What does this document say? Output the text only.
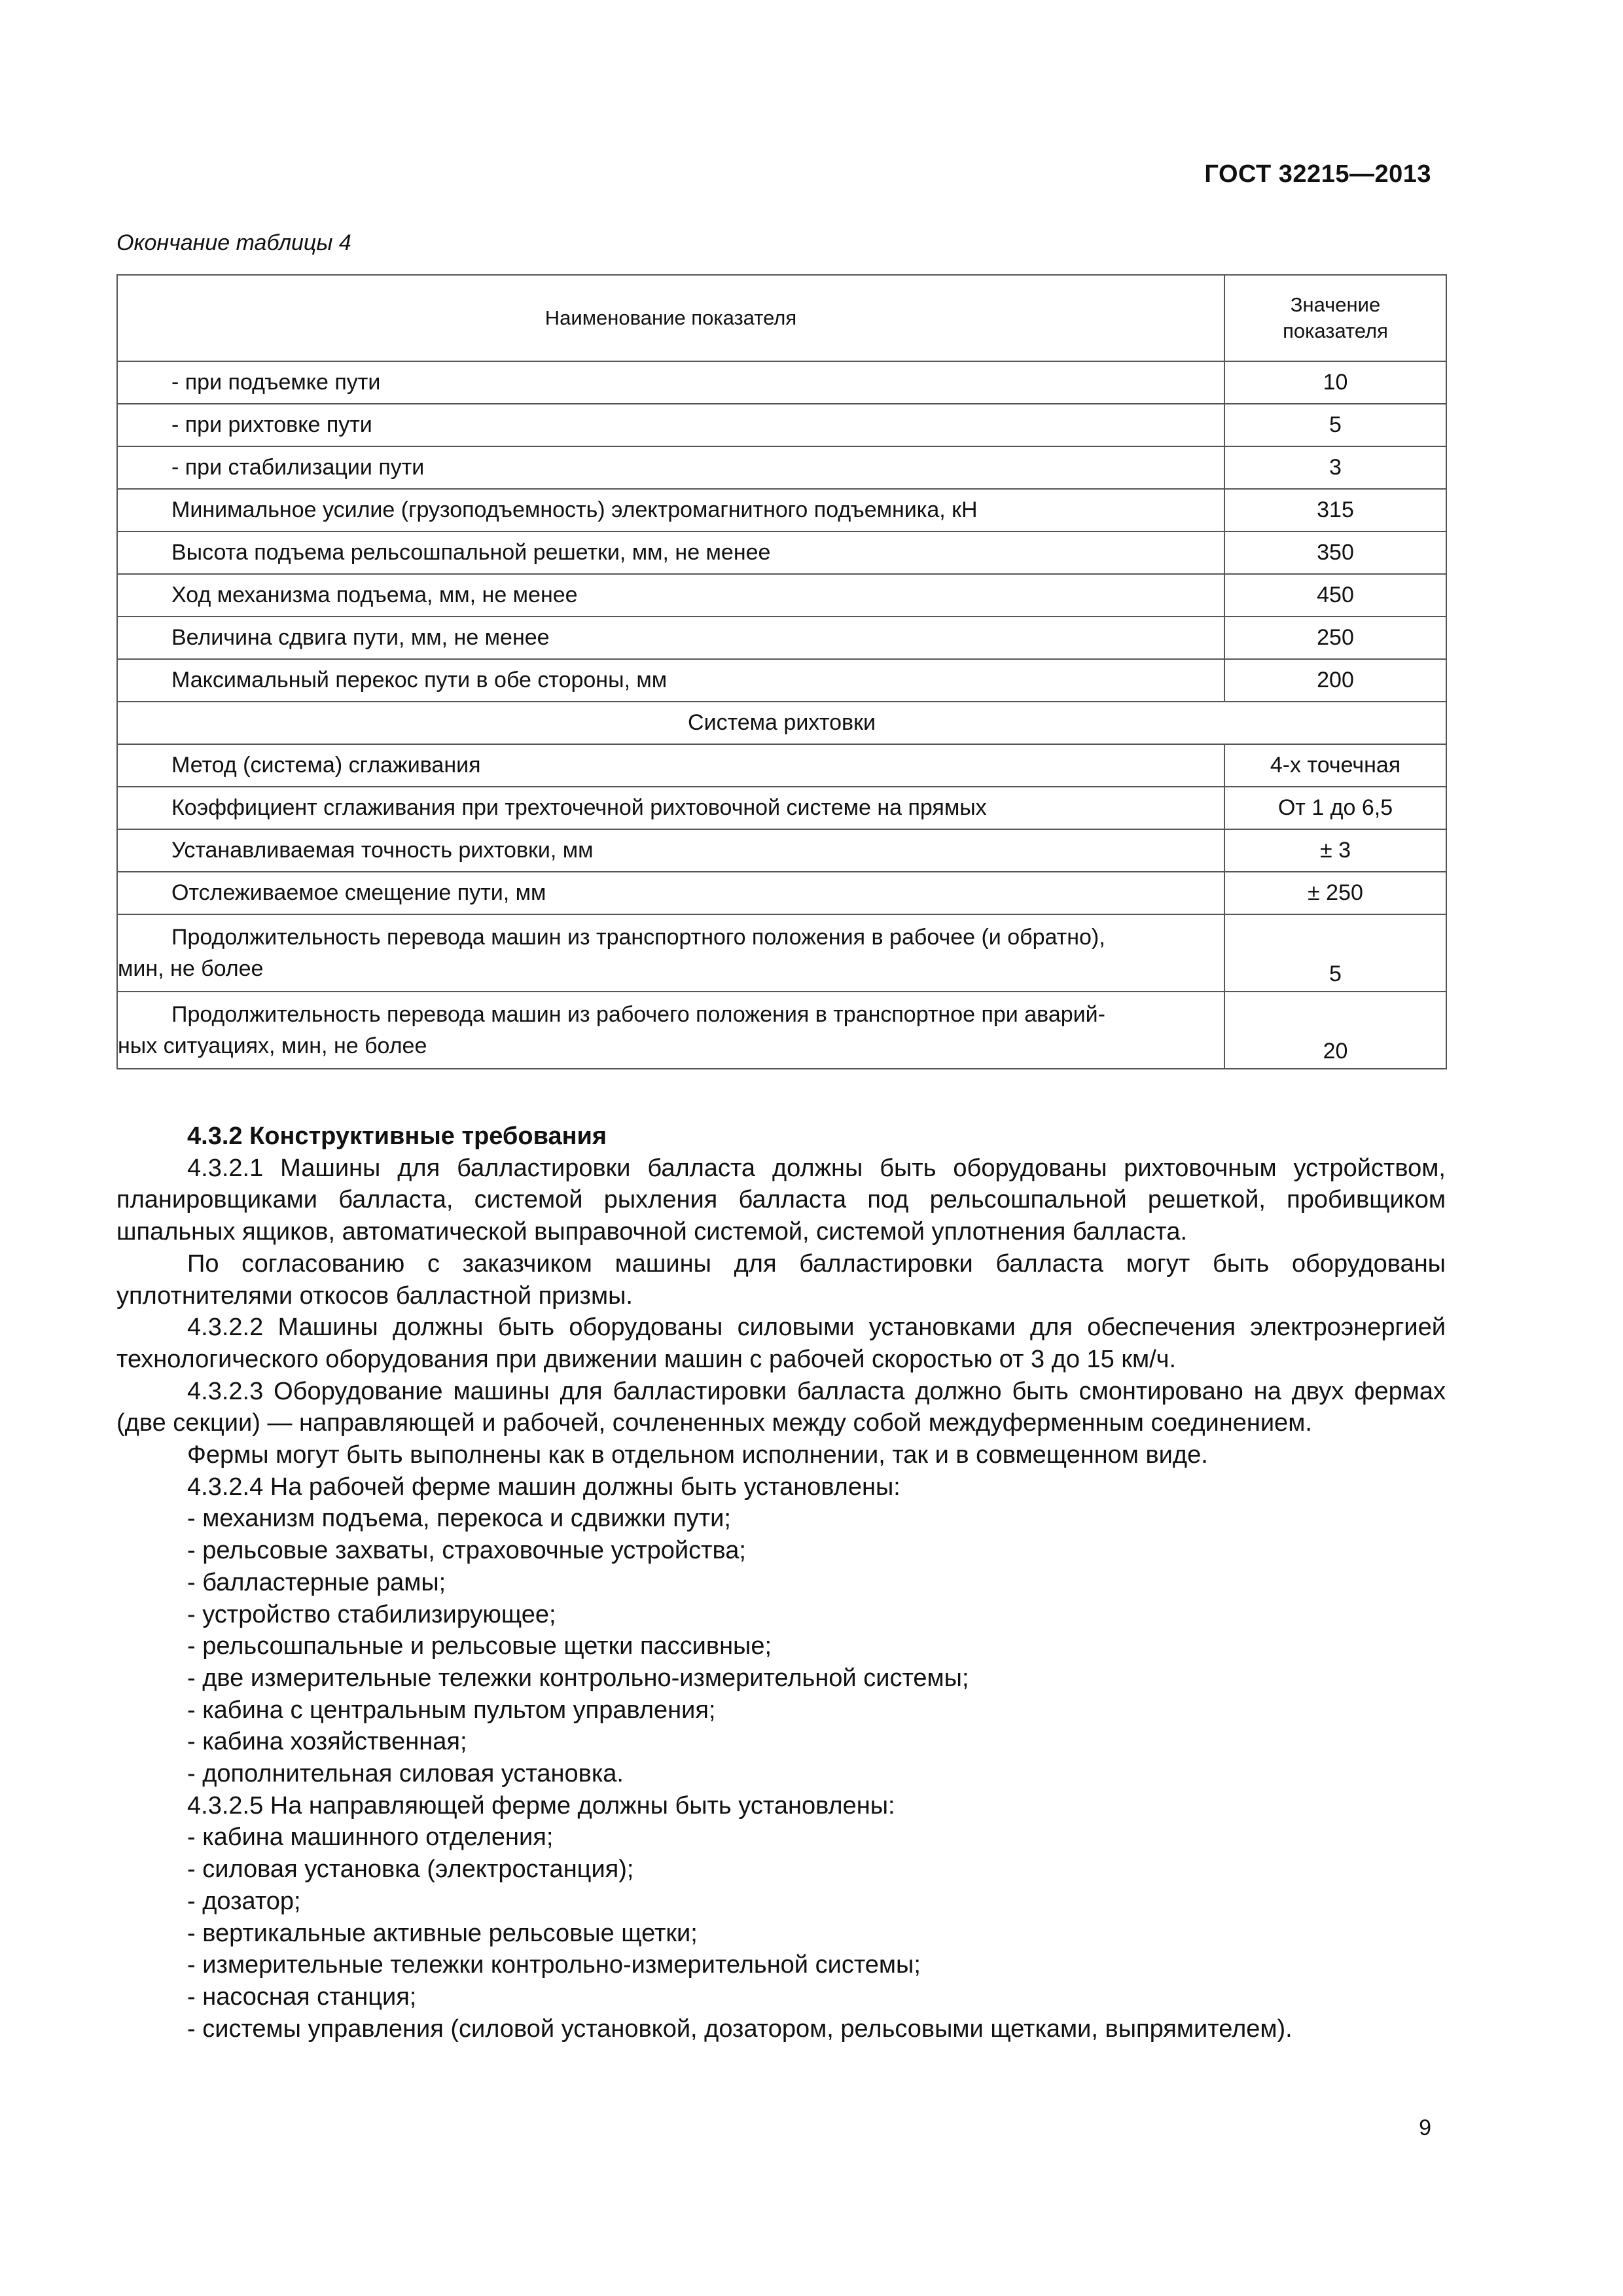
ГОСТ 32215—2013
Окончание таблицы 4
Наименование показателя	Значение
показателя
- при подъемке пути	10
- при рихтовке пути	5
- при стабилизации пути	3
Минимальное усилие (грузоподъемность) электромагнитного подъемника, кН	315
Высота подъема рельсошпальной решетки, мм, не менее	350
Ход механизма подъема, мм, не менее	450
Величина сдвига пути, мм, не менее	250
Максимальный перекос пути в обе стороны, мм	200
Система рихтовки	
Метод (система) сглаживания	4-х точечная
Коэффициент сглаживания при трехточечной рихтовочной системе на прямых	От 1 до 6,5
Устанавливаемая точность рихтовки, мм	± 3
Отслеживаемое смещение пути, мм	± 250

Продолжительность перевода машин из транспортного положения в рабочее (и обратно),
мин, не более	5

Продолжительность перевода машин из рабочего положения в транспортное при аварий-
ных ситуациях, мин, не более	20

4.3.2 Конструктивные требования

4.3.2.1 Машины для балластировки балласта должны быть оборудованы рихтовочным устройством, планировщиками балласта, системой рыхления балласта под рельсошпальной решеткой, пробивщиком шпальных ящиков, автоматической выправочной системой, системой уплотнения балласта.

По согласованию с заказчиком машины для балластировки балласта могут быть оборудованы уплотнителями откосов балластной призмы.

4.3.2.2 Машины должны быть оборудованы силовыми установками для обеспечения электроэнергией технологического оборудования при движении машин с рабочей скоростью от 3 до 15 км/ч.

4.3.2.3 Оборудование машины для балластировки балласта должно быть смонтировано на двух фермах (две секции) — направляющей и рабочей, сочлененных между собой междуферменным соединением.

Фермы могут быть выполнены как в отдельном исполнении, так и в совмещенном виде.

4.3.2.4 На рабочей ферме машин должны быть установлены:

- механизм подъема, перекоса и сдвижки пути;

- рельсовые захваты, страховочные устройства;

- балластерные рамы;

- устройство стабилизирующее;

- рельсошпальные и рельсовые щетки пассивные;

- две измерительные тележки контрольно-измерительной системы;

- кабина с центральным пультом управления;

- кабина хозяйственная;

- дополнительная силовая установка.

4.3.2.5 На направляющей ферме должны быть установлены:

- кабина машинного отделения;

- силовая установка (электростанция);

- дозатор;

- вертикальные активные рельсовые щетки;

- измерительные тележки контрольно-измерительной системы;

- насосная станция;

- системы управления (силовой установкой, дозатором, рельсовыми щетками, выпрямителем).

9
